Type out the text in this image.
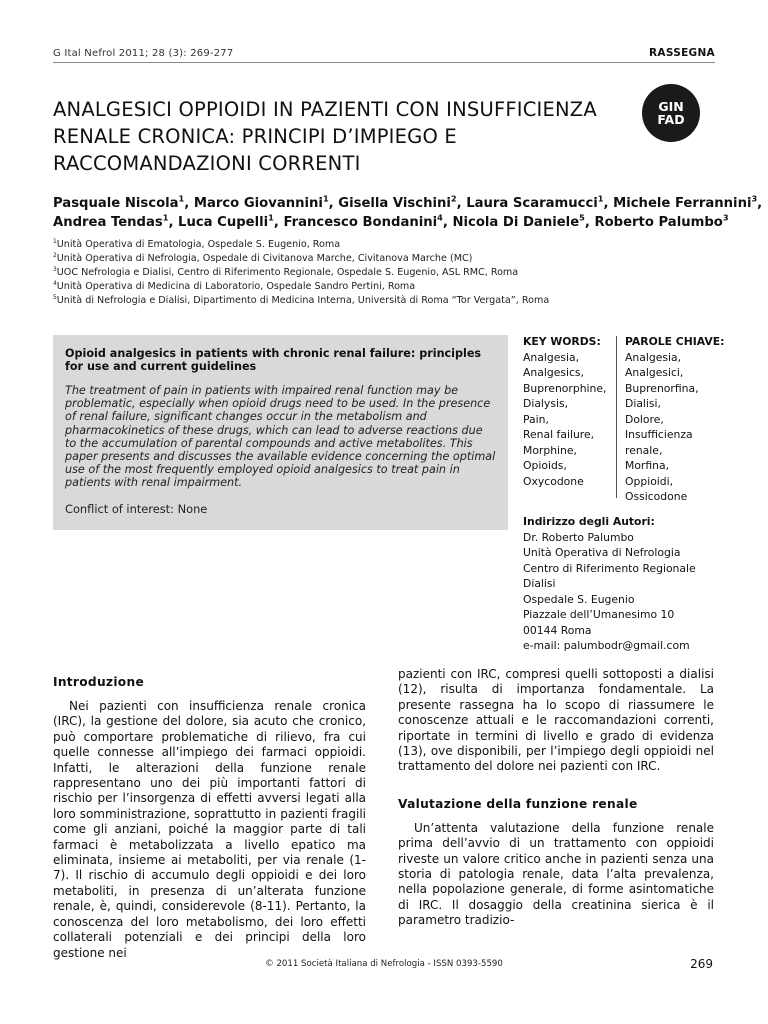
G Ital Nefrol 2011; 28 (3): 269-277	RASSEGNA
ANALGESICI OPPIOIDI IN PAZIENTI CON INSUFFICIENZA
RENALE CRONICA: PRINCIPI D’IMPIEGO E
RACCOMANDAZIONI CORRENTI
GIN
FAD
Pasquale Niscola$^1$, Marco Giovannini$^1$, Gisella Vischini$^2$, Laura Scaramucci$^1$, Michele Ferrannini$^3$,
Andrea Tendas$^1$, Luca Cupelli$^1$, Francesco Bondanini$^4$, Nicola Di Daniele$^5$, Roberto Palumbo$^3$
$^1$Unità Operativa di Ematologia, Ospedale S. Eugenio, Roma
$^2$Unità Operativa di Nefrologia, Ospedale di Civitanova Marche, Civitanova Marche (MC)
$^3$UOC Nefrologia e Dialisi, Centro di Riferimento Regionale, Ospedale S. Eugenio, ASL RMC, Roma
$^4$Unità Operativa di Medicina di Laboratorio, Ospedale Sandro Pertini, Roma
$^5$Unità di Nefrologia e Dialisi, Dipartimento di Medicina Interna, Università di Roma “Tor Vergata”, Roma
Opioid analgesics in patients with chronic renal failure: principles for use and current guidelines
The treatment of pain in patients with impaired renal function may be problematic, especially when opioid drugs need to be used. In the presence of renal failure, significant changes occur in the metabolism and pharmacokinetics of these drugs, which can lead to adverse reactions due to the accumulation of parental compounds and active metabolites. This paper presents and discusses the available evidence concerning the optimal use of the most frequently employed opioid analgesics to treat pain in patients with renal impairment.
Conflict of interest: None
KEY WORDS:
Analgesia,
Analgesics,
Buprenorphine,
Dialysis,
Pain,
Renal failure,
Morphine,
Opioids,
Oxycodone
PAROLE CHIAVE:
Analgesia,
Analgesici,
Buprenorfina,
Dialisi,
Dolore,
Insufficienza
renale,
Morfina,
Oppioidi,
Ossicodone
Indirizzo degli Autori:
Dr. Roberto Palumbo
Unità Operativa di Nefrologia
Centro di Riferimento Regionale
Dialisi
Ospedale S. Eugenio
Piazzale dell’Umanesimo 10
00144 Roma
e-mail: palumbodr@gmail.com
Introduzione

Nei pazienti con insufficienza renale cronica (IRC), la gestione del dolore, sia acuto che cronico, può comportare problematiche di rilievo, fra cui quelle connesse all’impiego dei farmaci oppioidi. Infatti, le alterazioni della funzione renale rappresentano uno dei più importanti fattori di rischio per l’insorgenza di effetti avversi legati alla loro somministrazione, soprattutto in pazienti fragili come gli anziani, poiché la maggior parte di tali farmaci è metabolizzata a livello epatico ma eliminata, insieme ai metaboliti, per via renale (1-7). Il rischio di accumulo degli oppioidi e dei loro metaboliti, in presenza di un’alterata funzione renale, è, quindi, considerevole (8-11). Pertanto, la conoscenza del loro metabolismo, dei loro effetti collaterali potenziali e dei principi della loro gestione nei

pazienti con IRC, compresi quelli sottoposti a dialisi (12), risulta di importanza fondamentale. La presente rassegna ha lo scopo di riassumere le conoscenze attuali e le raccomandazioni correnti, riportate in termini di livello e grado di evidenza (13), ove disponibili, per l’impiego degli oppioidi nel trattamento del dolore nei pazienti con IRC.

Valutazione della funzione renale

Un’attenta valutazione della funzione renale prima dell’avvio di un trattamento con oppioidi riveste un valore critico anche in pazienti senza una storia di patologia renale, data l’alta prevalenza, nella popolazione generale, di forme asintomatiche di IRC. Il dosaggio della creatinina sierica è il parametro tradizio-

© 2011 Società Italiana di Nefrologia - ISSN 0393-5590	269
